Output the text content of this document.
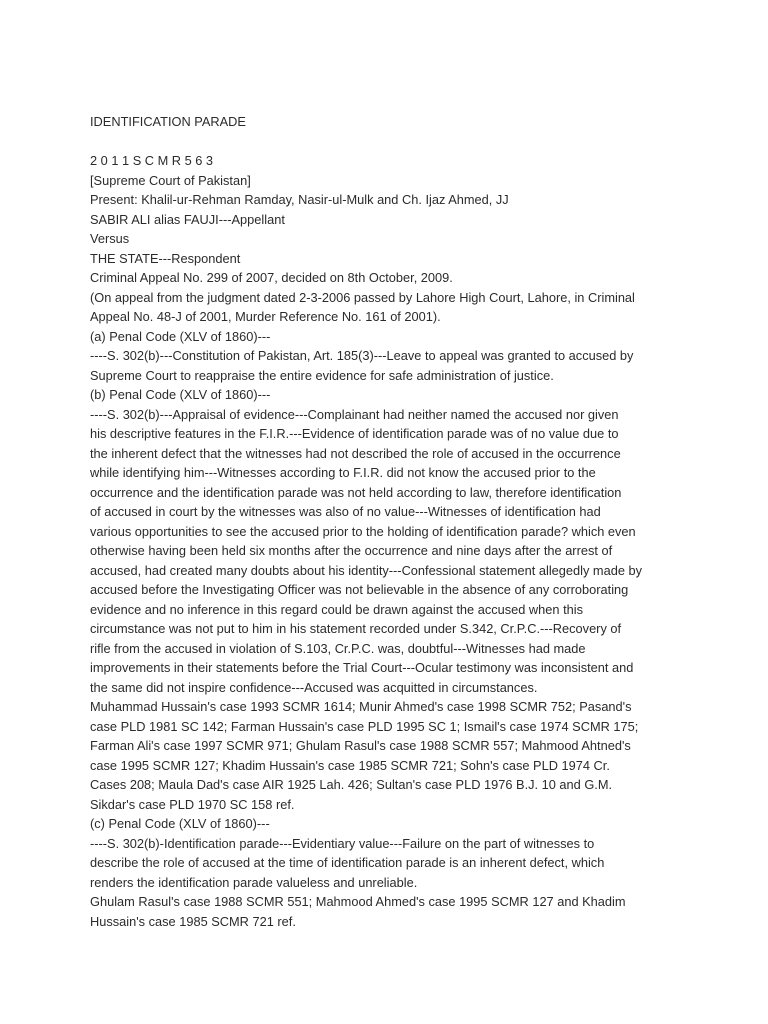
IDENTIFICATION PARADE
2 0 1 1 S C M R 5 6 3
[Supreme Court of Pakistan]
Present: Khalil-ur-Rehman Ramday, Nasir-ul-Mulk and Ch. Ijaz Ahmed, JJ
SABIR ALI alias FAUJI---Appellant
Versus
THE STATE---Respondent
Criminal Appeal No. 299 of 2007, decided on 8th October, 2009.
(On appeal from the judgment dated 2-3-2006 passed by Lahore High Court, Lahore, in Criminal
Appeal No. 48-J of 2001, Murder Reference No. 161 of 2001).
(a) Penal Code (XLV of 1860)---
----S. 302(b)---Constitution of Pakistan, Art. 185(3)---Leave to appeal was granted to accused by
Supreme Court to reappraise the entire evidence for safe administration of justice.
(b) Penal Code (XLV of 1860)---
----S. 302(b)---Appraisal of evidence---Complainant had neither named the accused nor given
his descriptive features in the F.I.R.---Evidence of identification parade was of no value due to
the inherent defect that the witnesses had not described the role of accused in the occurrence
while identifying him---Witnesses according to F.I.R. did not know the accused prior to the
occurrence and the identification parade was not held according to law, therefore identification
of accused in court by the witnesses was also of no value---Witnesses of identification had
various opportunities to see the accused prior to the holding of identification parade? which even
otherwise having been held six months after the occurrence and nine days after the arrest of
accused, had created many doubts about his identity---Confessional statement allegedly made by
accused before the Investigating Officer was not believable in the absence of any corroborating
evidence and no inference in this regard could be drawn against the accused when this
circumstance was not put to him in his statement recorded under S.342, Cr.P.C.---Recovery of
rifle from the accused in violation of S.103, Cr.P.C. was, doubtful---Witnesses had made
improvements in their statements before the Trial Court---Ocular testimony was inconsistent and
the same did not inspire confidence---Accused was acquitted in circumstances.
Muhammad Hussain's case 1993 SCMR 1614; Munir Ahmed's case 1998 SCMR 752; Pasand's
case PLD 1981 SC 142; Farman Hussain's case PLD 1995 SC 1; Ismail's case 1974 SCMR 175;
Farman Ali's case 1997 SCMR 971; Ghulam Rasul's case 1988 SCMR 557; Mahmood Ahtned's
case 1995 SCMR 127; Khadim Hussain's case 1985 SCMR 721; Sohn's case PLD 1974 Cr.
Cases 208; Maula Dad's case AIR 1925 Lah. 426; Sultan's case PLD 1976 B.J. 10 and G.M.
Sikdar's case PLD 1970 SC 158 ref.
(c) Penal Code (XLV of 1860)---
----S. 302(b)-Identification parade---Evidentiary value---Failure on the part of witnesses to
describe the role of accused at the time of identification parade is an inherent defect, which
renders the identification parade valueless and unreliable.
Ghulam Rasul's case 1988 SCMR 551; Mahmood Ahmed's case 1995 SCMR 127 and Khadim
Hussain's case 1985 SCMR 721 ref.
